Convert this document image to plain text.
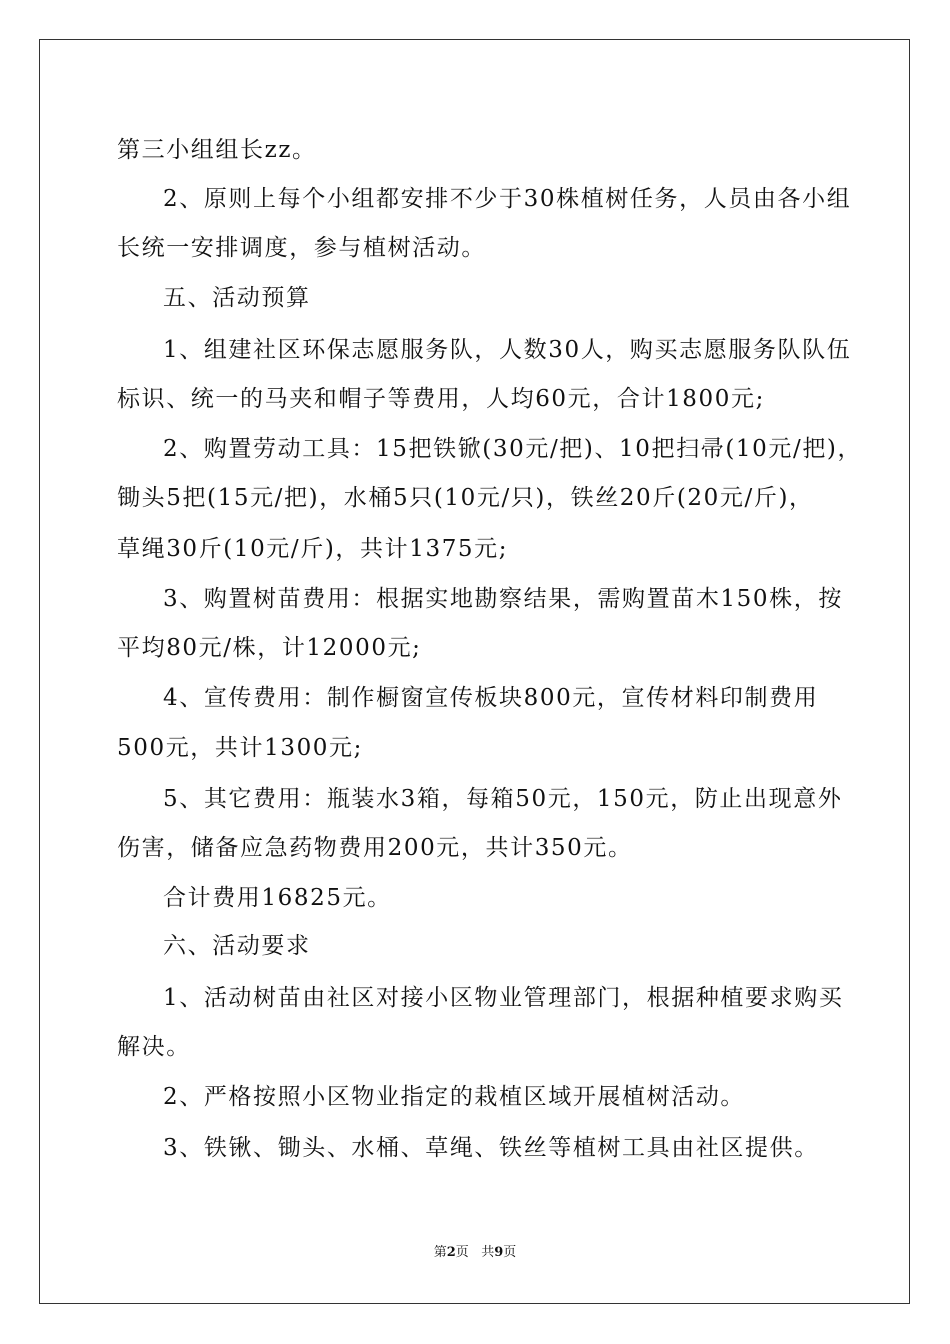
第三小组组长zz。
2、原则上每个小组都安排不少于30株植树任务，人员由各小组
长统一安排调度，参与植树活动。
五、活动预算
1、组建社区环保志愿服务队，人数30人，购买志愿服务队队伍
标识、统一的马夹和帽子等费用，人均60元，合计1800元;
2、购置劳动工具：15把铁锨(30元/把)、10把扫帚(10元/把)，
锄头5把(15元/把)，水桶5只(10元/只)，铁丝20斤(20元/斤)，
草绳30斤(10元/斤)，共计1375元;
3、购置树苗费用：根据实地勘察结果，需购置苗木150株，按
平均80元/株，计12000元;
4、宣传费用：制作橱窗宣传板块800元，宣传材料印制费用
500元，共计1300元;
5、其它费用：瓶装水3箱，每箱50元，150元，防止出现意外
伤害，储备应急药物费用200元，共计350元。
合计费用16825元。
六、活动要求
1、活动树苗由社区对接小区物业管理部门，根据种植要求购买
解决。
2、严格按照小区物业指定的栽植区域开展植树活动。
3、铁锹、锄头、水桶、草绳、铁丝等植树工具由社区提供。
第2页 共9页
